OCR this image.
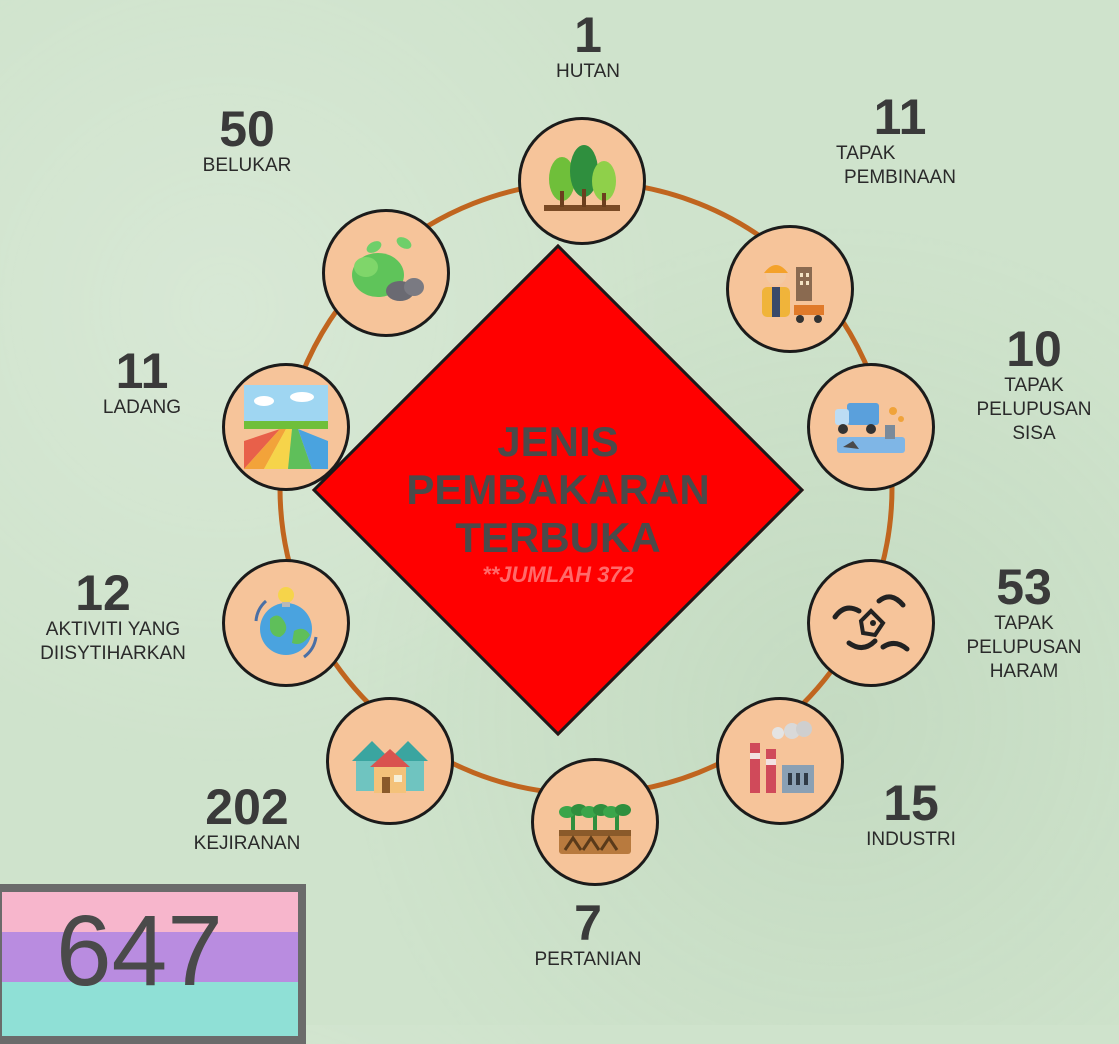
JENIS
PEMBAKARAN
TERBUKA
**JUMLAH 372
1
HUTAN
11
TAPAK
PEMBINAAN
10
TAPAK
PELUPUSAN
SISA
53
TAPAK
PELUPUSAN
HARAM
15
INDUSTRI
7
PERTANIAN
202
KEJIRANAN
12
AKTIVITI YANG
DIISYTIHARKAN
11
LADANG
50
BELUKAR
647
